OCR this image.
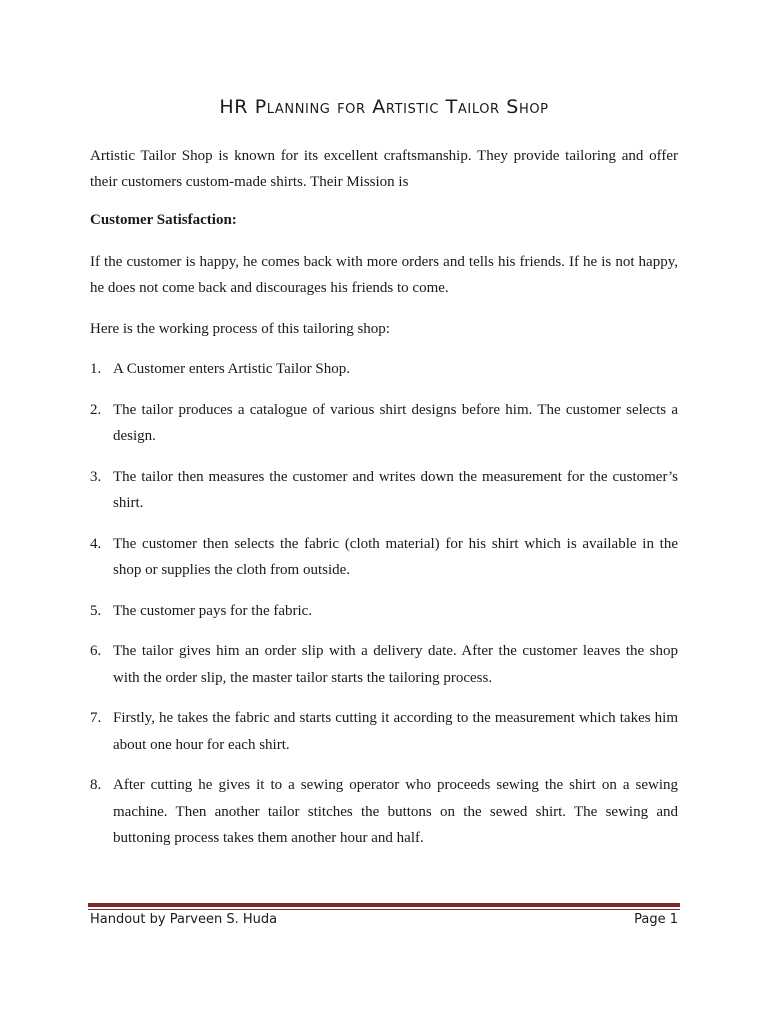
HR Planning for Artistic Tailor Shop

Artistic Tailor Shop is known for its excellent craftsmanship. They provide tailoring and offer their customers custom-made shirts. Their Mission is

Customer Satisfaction:

If the customer is happy, he comes back with more orders and tells his friends. If he is not happy, he does not come back and discourages his friends to come.

Here is the working process of this tailoring shop:

1. A Customer enters Artistic Tailor Shop.
2. The tailor produces a catalogue of various shirt designs before him. The customer selects a design.
3. The tailor then measures the customer and writes down the measurement for the customer’s shirt.
4. The customer then selects the fabric (cloth material) for his shirt which is available in the shop or supplies the cloth from outside.
5. The customer pays for the fabric.
6. The tailor gives him an order slip with a delivery date. After the customer leaves the shop with the order slip, the master tailor starts the tailoring process.
7. Firstly, he takes the fabric and starts cutting it according to the measurement which takes him about one hour for each shirt.
8. After cutting he gives it to a sewing operator who proceeds sewing the shirt on a sewing machine. Then another tailor stitches the buttons on the sewed shirt. The sewing and buttoning process takes them another hour and half.
Handout by Parveen S. Huda	Page 1
